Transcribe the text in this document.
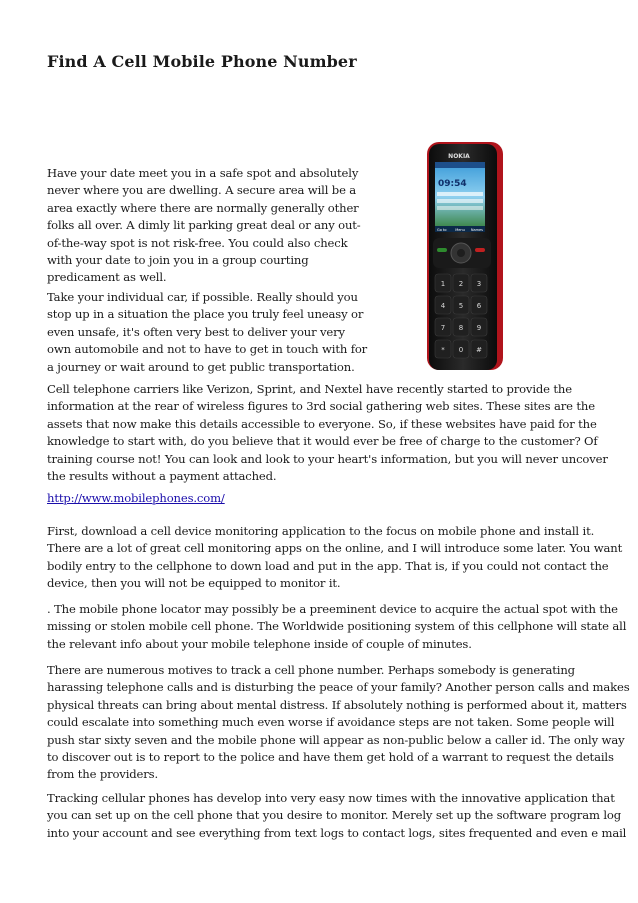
Find A Cell Mobile Phone Number
NOKIA
09:54
Go to Menu Names
1 2 3
4 5 6
7 8 9
* 0 #
Have your date meet you in a safe spot and absolutely
never where you are dwelling. A secure area will be a
area exactly where there are normally generally other
folks all over. A dimly lit parking great deal or any out-
of-the-way spot is not risk-free. You could also check
with your date to join you in a group courting
predicament as well.
Take your individual car, if possible. Really should you
stop up in a situation the place you truly feel uneasy or
even unsafe, it's often very best to deliver your very
own automobile and not to have to get in touch with for
a journey or wait around to get public transportation.
Cell telephone carriers like Verizon, Sprint, and Nextel have recently started to provide the
information at the rear of wireless figures to 3rd social gathering web sites. These sites are the
assets that now make this details accessible to everyone. So, if these websites have paid for the
knowledge to start with, do you believe that it would ever be free of charge to the customer? Of
training course not! You can look and look to your heart's information, but you will never uncover
the results without a payment attached.
http://www.mobilephones.com/
First, download a cell device monitoring application to the focus on mobile phone and install it.
There are a lot of great cell monitoring apps on the online, and I will introduce some later. You want
bodily entry to the cellphone to down load and put in the app. That is, if you could not contact the
device, then you will not be equipped to monitor it.
. The mobile phone locator may possibly be a preeminent device to acquire the actual spot with the
missing or stolen mobile cell phone. The Worldwide positioning system of this cellphone will state all
the relevant info about your mobile telephone inside of couple of minutes.
There are numerous motives to track a cell phone number. Perhaps somebody is generating
harassing telephone calls and is disturbing the peace of your family? Another person calls and makes
physical threats can bring about mental distress. If absolutely nothing is performed about it, matters
could escalate into something much even worse if avoidance steps are not taken. Some people will
push star sixty seven and the mobile phone will appear as non-public below a caller id. The only way
to discover out is to report to the police and have them get hold of a warrant to request the details
from the providers.
Tracking cellular phones has develop into very easy now times with the innovative application that
you can set up on the cell phone that you desire to monitor. Merely set up the software program log
into your account and see everything from text logs to contact logs, sites frequented and even e mail
